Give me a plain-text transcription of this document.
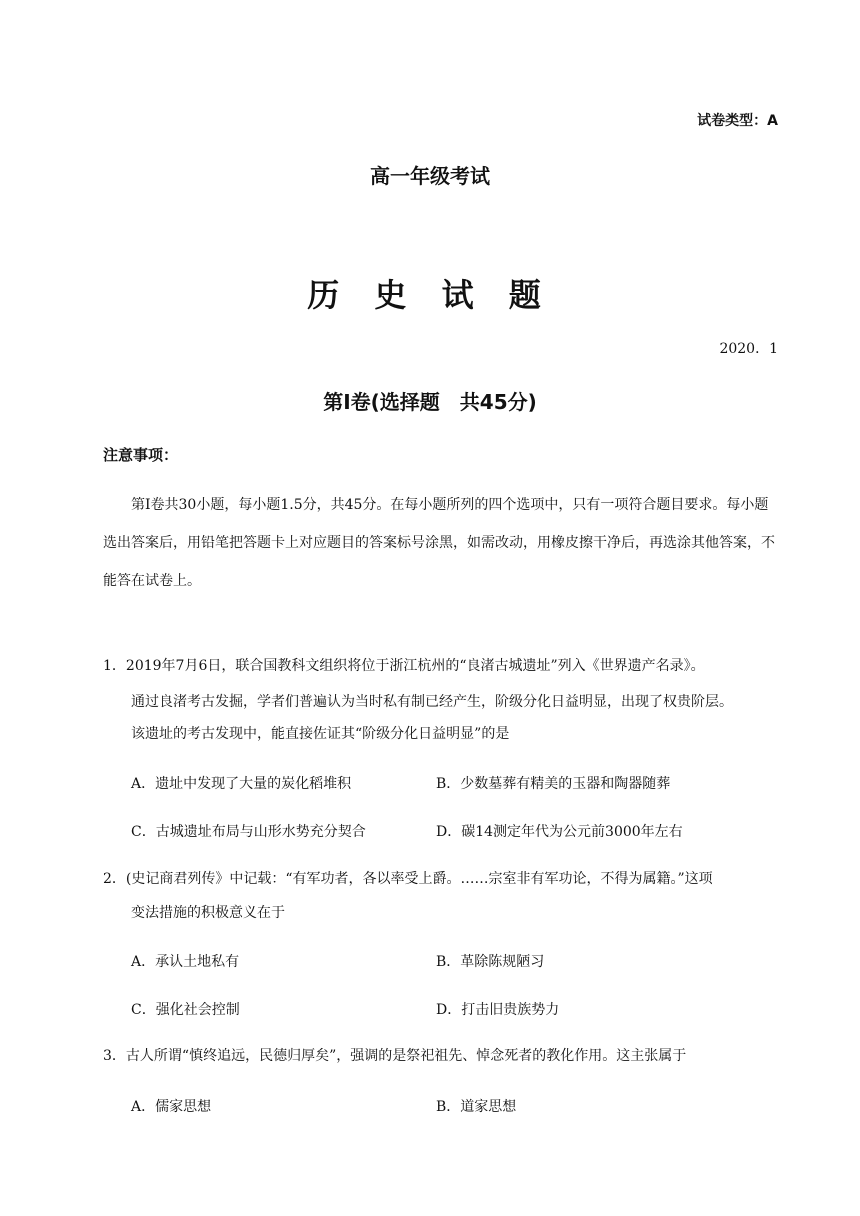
试卷类型：A
高一年级考试
历 史 试 题
2020．1
第Ⅰ卷(选择题　共45分)
注意事项：

第Ⅰ卷共30小题，每小题1.5分，共45分。在每小题所列的四个选项中，只有一项符合题目要求。每小题选出答案后，用铅笔把答题卡上对应题目的答案标号涂黑，如需改动，用橡皮擦干净后，再选涂其他答案，不能答在试卷上。

1．2019年7月6日，联合国教科文组织将位于浙江杭州的“良渚古城遗址”列入《世界遗产名录》。
通过良渚考古发掘，学者们普遍认为当时私有制已经产生，阶级分化日益明显，出现了权贵阶层。
该遗址的考古发现中，能直接佐证其“阶级分化日益明显”的是
A．遗址中发现了大量的炭化稻堆积	B．少数墓葬有精美的玉器和陶器随葬
C．古城遗址布局与山形水势充分契合	D．碳14测定年代为公元前3000年左右
2．(史记商君列传》中记载：“有军功者，各以率受上爵。……宗室非有军功论，不得为属籍。”这项
变法措施的积极意义在于
A．承认土地私有	B．革除陈规陋习
C．强化社会控制	D．打击旧贵族势力
3．古人所谓“慎终追远，民德归厚矣”，强调的是祭祀祖先、悼念死者的教化作用。这主张属于
A．儒家思想	B．道家思想
